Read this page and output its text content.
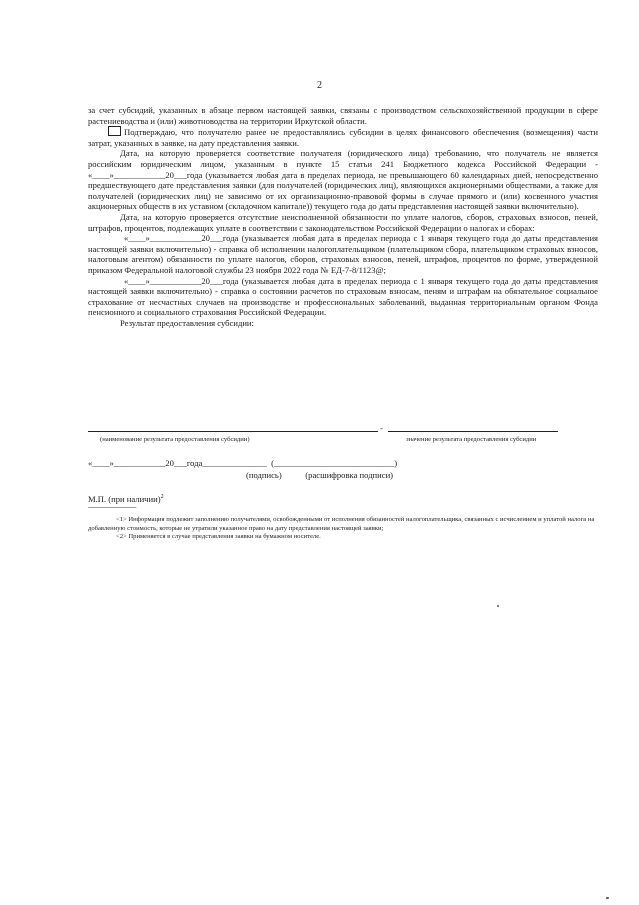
2

за счет субсидий, указанных в абзаце первом настоящей заявки, связаны с производством сельскохозяйственной продукции в сфере растениеводства и (или) животноводства на территории Иркутской области.

Подтверждаю, что получателю ранее не предоставлялись субсидии в целях финансового обеспечения (возмещения) части затрат, указанных в заявке, на дату представления заявки.

Дата, на которую проверяется соответствие получателя (юридического лица) требованию, что получатель не является российским юридическим лицом, указанным в пункте 15 статьи 241 Бюджетного кодекса Российской Федерации - «____»____________20___года (указывается любая дата в пределах периода, не превышающего 60 календарных дней, непосредственно предшествующего дате представления заявки (для получателей (юридических лиц), являющихся акционерными обществами, а также для получателей (юридических лиц) не зависимо от их организационно-правовой формы в случае прямого и (или) косвенного участия акционерных обществ в их уставном (складочном капитале)) текущего года до даты представления настоящей заявки включительно).

Дата, на которую проверяется отсутствие неисполненной обязанности по уплате налогов, сборов, страховых взносов, пеней, штрафов, процентов, подлежащих уплате в соответствии с законодательством Российской Федерации о налогах и сборах:

«____»____________20___года (указывается любая дата в пределах периода с 1 января текущего года до даты представления настоящей заявки включительно) - справка об исполнении налогоплательщиком (плательщиком сбора, плательщиком страховых взносов, налоговым агентом) обязанности по уплате налогов, сборов, страховых взносов, пеней, штрафов, процентов по форме, утвержденной приказом Федеральной налоговой службы 23 ноября 2022 года № ЕД-7-8/1123@;

«____»____________20___года (указывается любая дата в пределах периода с 1 января текущего года до даты представления настоящей заявки включительно) - справка о состоянии расчетов по страховым взносам, пеням и штрафам на обязательное социальное страхование от несчастных случаев на производстве и профессиональных заболеваний, выданная территориальным органом Фонда пенсионного и социального страхования Российской Федерации.

Результат предоставления субсидии:

-
(наименование результата предоставления субсидии)	значение результата предоставления субсидии
«____»____________20___года_______________  (____________________________)
(подпись)           (расшифровка подписи)
М.П. (при наличии)$^2$
--------------------------------

<1> Информация подлежит заполнению получателями, освобожденными от исполнения обязанностей налогоплательщика, связанных с исчислением и уплатой налога на добавленную стоимость, которые не утратили указанное право на дату представления настоящей заявки;

<2> Применяется в случае представления заявки на бумажном носителе.
